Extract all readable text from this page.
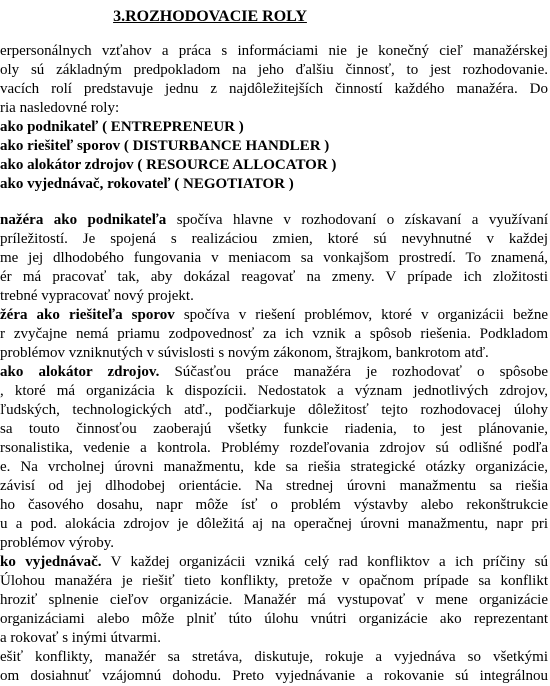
3.ROZHODOVACIE ROLY
erpersonálnych vzťahov a práca s informáciami nie je konečný cieľ manažérskej
oly sú základným predpokladom na jeho ďalšiu činnosť, to jest rozhodovanie.
vacích rolí predstavuje jednu z najdôležitejších činností každého manažéra. Do
ria nasledovné roly:
ako podnikateľ ( ENTREPRENEUR )
ako riešiteľ sporov ( DISTURBANCE HANDLER )
ako alokátor zdrojov ( RESOURCE ALLOCATOR )
ako vyjednávač, rokovateľ ( NEGOTIATOR )
nažéra ako podnikateľa spočíva hlavne v rozhodovaní o získavaní a využívaní
príležitostí. Je spojená s realizáciou zmien, ktoré sú nevyhnutné v každej
me jej dlhodobého fungovania v meniacom sa vonkajšom prostredí. To znamená,
ér má pracovať tak, aby dokázal reagovať na zmeny. V prípade ich zložitosti
trebné vypracovať nový projekt.
žéra ako riešiteľa sporov spočíva v riešení problémov, ktoré v organizácii bežne
r zvyčajne nemá priamu zodpovednosť za ich vznik a spôsob riešenia. Podkladom
problémov vzniknutých v súvislosti s novým zákonom, štrajkom, bankrotom atď.
ako alokátor zdrojov. Súčasťou práce manažéra je rozhodovať o spôsobe
, ktoré má organizácia k dispozícii. Nedostatok a význam jednotlivých zdrojov,
ľudských, technologických atď., podčiarkuje dôležitosť tejto rozhodovacej úlohy
sa touto činnosťou zaoberajú všetky funkcie riadenia, to jest plánovanie,
rsonalistika, vedenie a kontrola. Problémy rozdeľovania zdrojov sú odlišné podľa
e. Na vrcholnej úrovni manažmentu, kde sa riešia strategické otázky organizácie,
závisí od jej dlhodobej orientácie. Na strednej úrovni manažmentu sa riešia
ho časového dosahu, napr môže ísť o problém výstavby alebo rekonštrukcie
u a pod. alokácia zdrojov je dôležitá aj na operačnej úrovni manažmentu, napr pri
problémov výroby.
ko vyjednávač. V každej organizácii vzniká celý rad konfliktov a ich príčiny sú
Úlohou manažéra je riešiť tieto konflikty, pretože v opačnom prípade sa konflikt
hroziť splnenie cieľov organizácie. Manažér má vystupovať v mene organizácie
organizáciami alebo môže plniť túto úlohu vnútri organizácie ako reprezentant
a rokovať s inými útvarmi.
ešiť konflikty, manažér sa stretáva, diskutuje, rokuje a vyjednáva so všetkými
om dosiahnuť vzájomnú dohodu. Preto vyjednávanie a rokovanie sú integrálnou
